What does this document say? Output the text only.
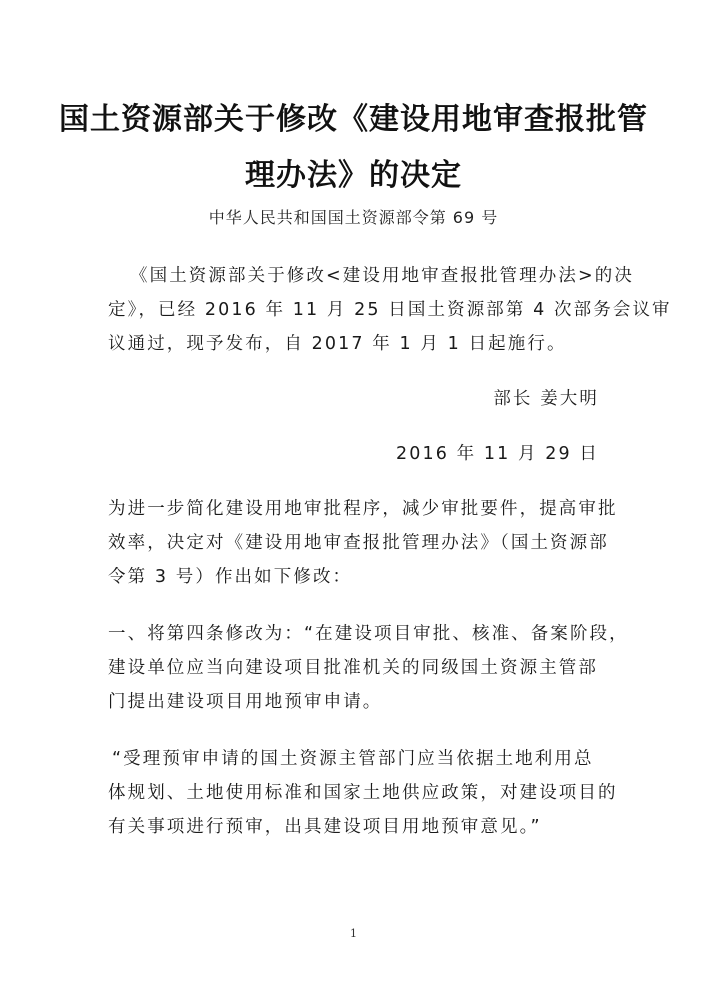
国土资源部关于修改《建设用地审查报批管
理办法》的决定
中华人民共和国国土资源部令第 69 号
《国土资源部关于修改<建设用地审查报批管理办法>的决
定》，已经 2016 年 11 月 25 日国土资源部第 4 次部务会议审
议通过，现予发布，自 2017 年 1 月 1 日起施行。
部长 姜大明
2016 年 11 月 29 日
为进一步简化建设用地审批程序，减少审批要件，提高审批
效率，决定对《建设用地审查报批管理办法》（国土资源部
令第 3 号）作出如下修改：
一、将第四条修改为：“在建设项目审批、核准、备案阶段，
建设单位应当向建设项目批准机关的同级国土资源主管部
门提出建设项目用地预审申请。
“受理预审申请的国土资源主管部门应当依据土地利用总
体规划、土地使用标准和国家土地供应政策，对建设项目的
有关事项进行预审，出具建设项目用地预审意见。”
1
